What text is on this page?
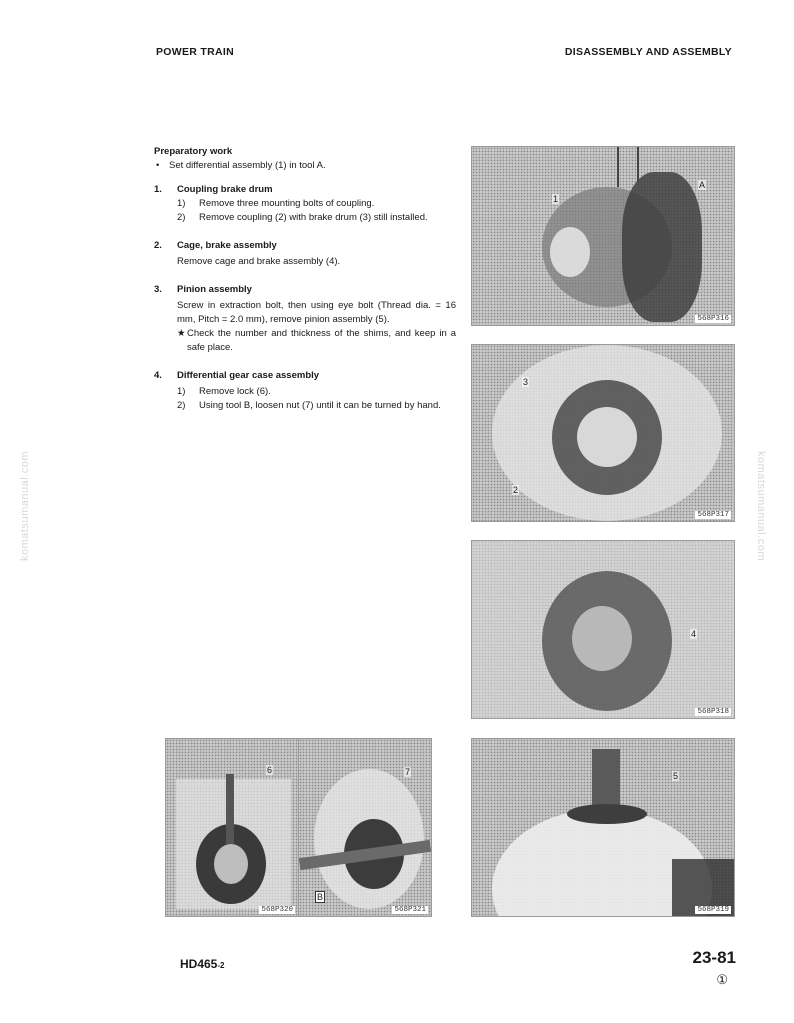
POWER TRAIN	DISASSEMBLY AND ASSEMBLY
komatsumanual.com	komatsumanual.com
Preparatory work
•	Set differential assembly (1) in tool A.
1.	Coupling brake drum
1)	Remove three mounting bolts of coupling.
2)	Remove coupling (2) with brake drum (3) still installed.
2.	Cage, brake assembly
Remove cage and brake assembly (4).
3.	Pinion assembly
Screw in extraction bolt, then using eye bolt (Thread dia. = 16 mm, Pitch = 2.0 mm), remove pinion assembly (5).
★ Check the number and thickness of the shims, and keep in a safe place.
4.	Differential gear case assembly
1)	Remove lock (6).
2)	Using tool B, loosen nut (7) until it can be turned by hand.
1
A
568P316
3
2
568P317
4
568P318
5
568P319
6
568P320
7
B
568P321
HD465-2	23-81
①
